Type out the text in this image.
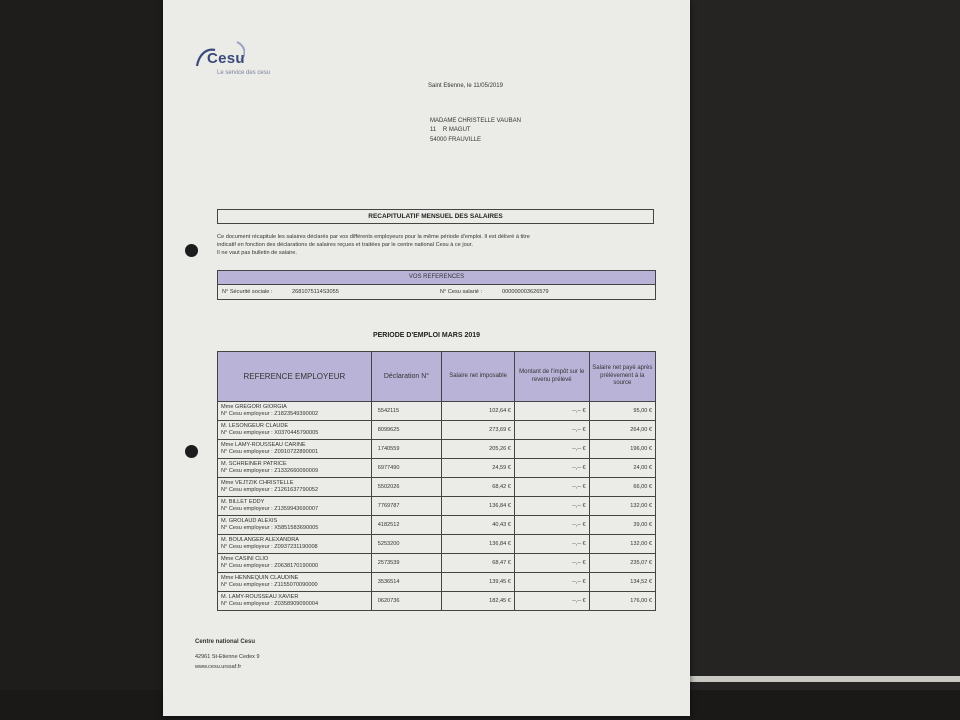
Cesu
Le service des cesu
Saint Etienne, le 11/05/2019
MADAME CHRISTELLE VAUBAN
11    R MAGUT
54000 FRAUVILLE
RECAPITULATIF MENSUEL DES SALAIRES
Ce document récapitule les salaires déclarés par vos différents employeurs pour la même période d'emploi. Il est délivré à titre
indicatif en fonction des déclarations de salaires reçues et traitées par le centre national Cesu à ce jour.
Il ne vaut pas bulletin de salaire.
VOS REFERENCES
N° Sécurité sociale :	2681075114S3055	N° Cesu salarié :	000000003626579
PERIODE D'EMPLOI MARS 2019
REFERENCE EMPLOYEUR	Déclaration N°	Salaire net imposable	Montant de l'impôt sur le revenu prélevé	Salaire net payé après prélèvement à la source

Mme GREGORI GIORGIA
N° Cesu employeur : Z1823549390002	5542115	102,64 €	--,-- €	95,00 €

M. LESONGEUR CLAUDE
N° Cesu employeur : X0370445790005	8099625	273,69 €	--,-- €	264,00 €

Mme LAMY-ROUSSEAU CARINE
N° Cesu employeur : Z0910722890001	1740559	205,26 €	--,-- €	196,00 €

M. SCHREINER PATRICE
N° Cesu employeur : Z1332660090009	6977490	24,59 €	--,-- €	24,00 €

Mme VEJTZIK CHRISTELLE
N° Cesu employeur : Z1261637790052	5502026	68,42 €	--,-- €	66,00 €

M. BILLET EDDY
N° Cesu employeur : Z1359943690007	7769787	136,84 €	--,-- €	132,00 €

M. GROLAUD ALEXIS
N° Cesu employeur : X5851583690005	4182512	40,43 €	--,-- €	39,00 €

M. BOULANGER ALEXANDRA
N° Cesu employeur : Z0937231190008	5253200	136,84 €	--,-- €	132,00 €

Mme CASINI CLIO
N° Cesu employeur : Z0638170190000	2573539	68,47 €	--,-- €	235,07 €

Mme HENNEQUIN CLAUDINE
N° Cesu employeur : Z1155070090000	3536514	139,45 €	--,-- €	134,52 €

M. LAMY-ROUSSEAU XAVIER
N° Cesu employeur : Z0358909090004	0620736	182,45 €	--,-- €	176,00 €
Centre national Cesu
42961 St-Etienne Cedex 9
www.cesu.urssaf.fr
